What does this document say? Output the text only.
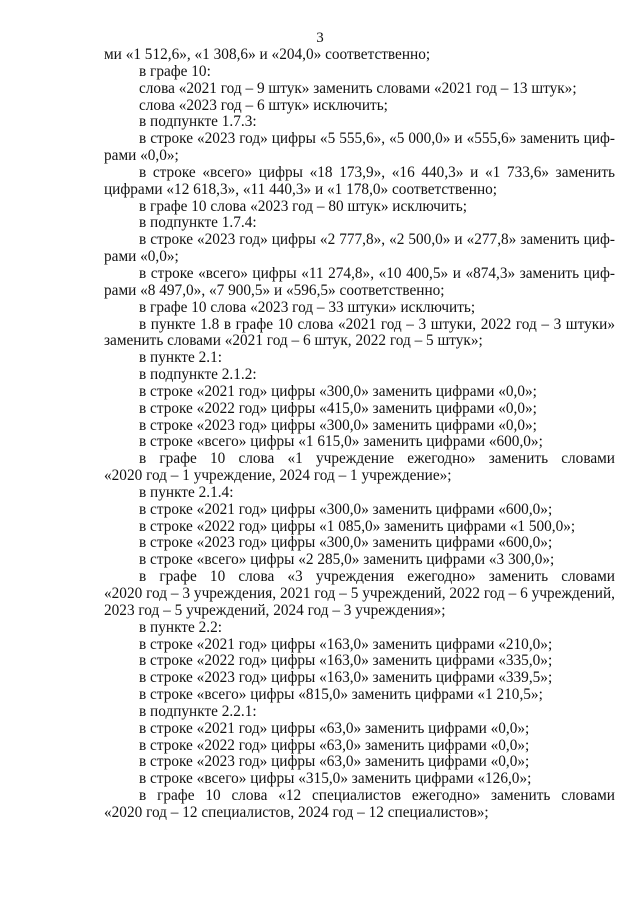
3
ми «1 512,6», «1 308,6» и «204,0» соответственно;
в графе 10:
слова «2021 год – 9 штук» заменить словами «2021 год – 13 штук»;
слова «2023 год – 6 штук» исключить;
в подпункте 1.7.3:
в строке «2023 год» цифры «5 555,6», «5 000,0» и «555,6» заменить циф-
рами «0,0»;
в строке «всего» цифры «18 173,9», «16 440,3» и «1 733,6» заменить
цифрами «12 618,3», «11 440,3» и «1 178,0» соответственно;
в графе 10 слова «2023 год – 80 штук» исключить;
в подпункте 1.7.4:
в строке «2023 год» цифры «2 777,8», «2 500,0» и «277,8» заменить циф-
рами «0,0»;
в строке «всего» цифры «11 274,8», «10 400,5» и «874,3» заменить циф-
рами «8 497,0», «7 900,5» и «596,5» соответственно;
в графе 10 слова «2023 год – 33 штуки» исключить;
в пункте 1.8 в графе 10 слова «2021 год – 3 штуки, 2022 год – 3 штуки»
заменить словами «2021 год – 6 штук, 2022 год – 5 штук»;
в пункте 2.1:
в подпункте 2.1.2:
в строке «2021 год» цифры «300,0» заменить цифрами «0,0»;
в строке «2022 год» цифры «415,0» заменить цифрами «0,0»;
в строке «2023 год» цифры «300,0» заменить цифрами «0,0»;
в строке «всего» цифры «1 615,0» заменить цифрами «600,0»;
в графе 10 слова «1 учреждение ежегодно» заменить словами
«2020 год – 1 учреждение, 2024 год – 1 учреждение»;
в пункте 2.1.4:
в строке «2021 год» цифры «300,0» заменить цифрами «600,0»;
в строке «2022 год» цифры «1 085,0» заменить цифрами «1 500,0»;
в строке «2023 год» цифры «300,0» заменить цифрами «600,0»;
в строке «всего» цифры «2 285,0» заменить цифрами «3 300,0»;
в графе 10 слова «3 учреждения ежегодно» заменить словами
«2020 год – 3 учреждения, 2021 год – 5 учреждений, 2022 год – 6 учреждений,
2023 год – 5 учреждений, 2024 год – 3 учреждения»;
в пункте 2.2:
в строке «2021 год» цифры «163,0» заменить цифрами «210,0»;
в строке «2022 год» цифры «163,0» заменить цифрами «335,0»;
в строке «2023 год» цифры «163,0» заменить цифрами «339,5»;
в строке «всего» цифры «815,0» заменить цифрами «1 210,5»;
в подпункте 2.2.1:
в строке «2021 год» цифры «63,0» заменить цифрами «0,0»;
в строке «2022 год» цифры «63,0» заменить цифрами «0,0»;
в строке «2023 год» цифры «63,0» заменить цифрами «0,0»;
в строке «всего» цифры «315,0» заменить цифрами «126,0»;
в графе 10 слова «12 специалистов ежегодно» заменить словами
«2020 год – 12 специалистов, 2024 год – 12 специалистов»;
